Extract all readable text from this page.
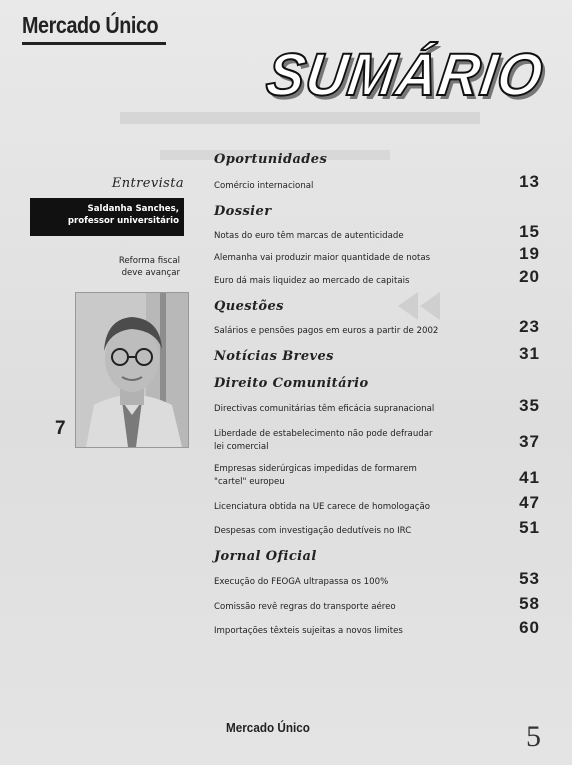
Mercado Único
SUMÁRIO
Entrevista
Saldanha Sanches,
professor universitário
Reforma fiscal
deve avançar
7
Oportunidades
Comércio internacional	13
Dossier
Notas do euro têm marcas de autenticidade	15
Alemanha vai produzir maior quantidade de notas	19
Euro dá mais liquidez ao mercado de capitais	20
Questões
Salários e pensões pagos em euros a partir de 2002	23
Notícias Breves	31
Direito Comunitário
Directivas comunitárias têm eficácia supranacional	35
Liberdade de estabelecimento não pode defraudar
lei comercial	37
Empresas siderúrgicas impedidas de formarem
"cartel" europeu	41
Licenciatura obtida na UE carece de homologação	47
Despesas com investigação dedutíveis no IRC	51
Jornal Oficial
Execução do FEOGA ultrapassa os 100%	53
Comissão revê regras do transporte aéreo	58
Importações têxteis sujeitas a novos limites	60
Mercado Único	5
